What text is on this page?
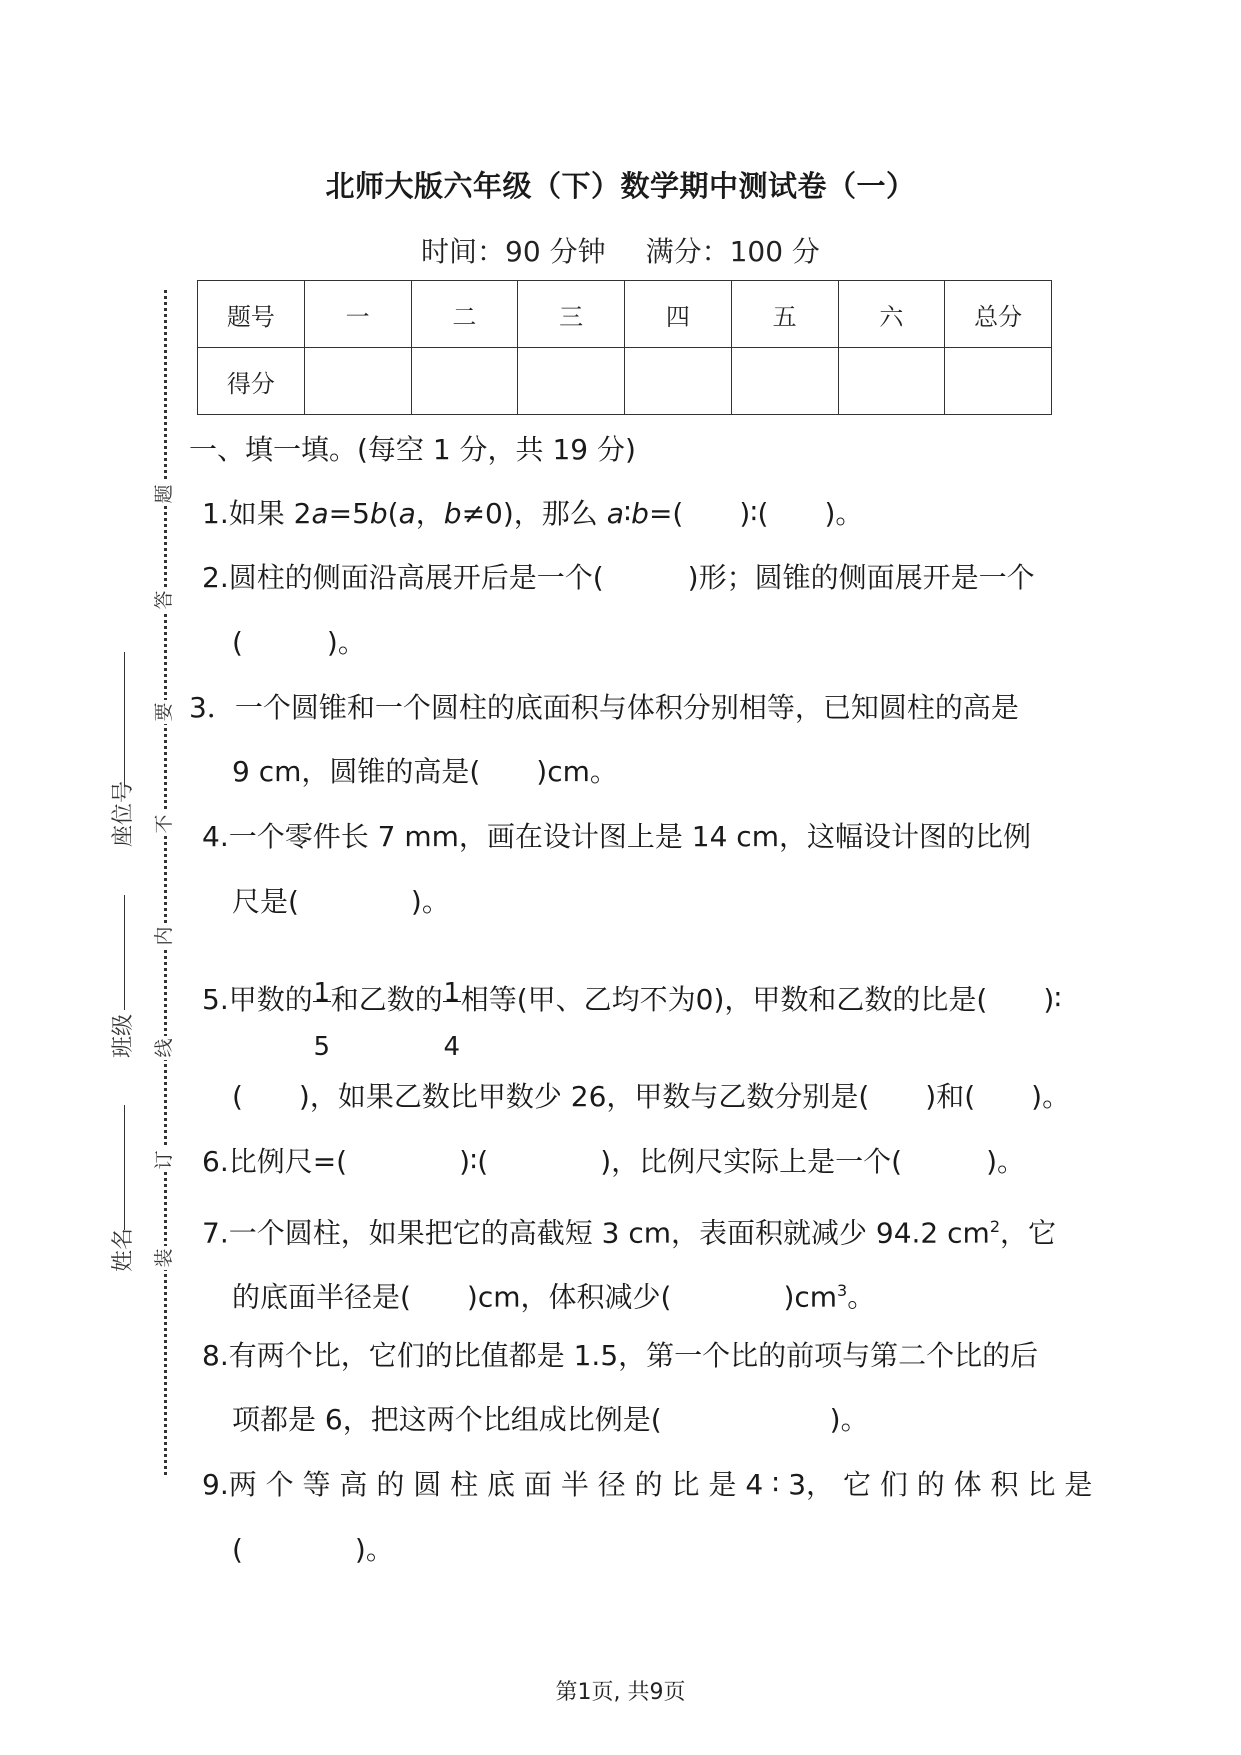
北师大版六年级（下）数学期中测试卷（一）
时间：90 分钟 满分：100 分
题号	一	二	三	四	五	六	总分
得分							
题
答
要
不
内
线
订
装
座位号
班级
姓名
一、填一填。(每空 1 分，共 19 分)
1.如果 2a=5b(a，b≠0)，那么 a∶b=(　　)∶(　　)。
2.圆柱的侧面沿高展开后是一个(　　　)形；圆锥的侧面展开是一个
(　　　)。
3．一个圆锥和一个圆柱的底面积与体积分别相等，已知圆柱的高是
9 cm，圆锥的高是(　　)cm。
4.一个零件长 7 mm，画在设计图上是 14 cm，这幅设计图的比例
尺是(　　　　)。
5.甲数的 1
5
和乙数的 1
4
相等(甲、乙均不为0)，甲数和乙数的比是(　　)∶
(　　)，如果乙数比甲数少 26，甲数与乙数分别是(　　)和(　　)。
6.比例尺=(　　　　)∶(　　　　)，比例尺实际上是一个(　　　)。
7.一个圆柱，如果把它的高截短 3 cm，表面积就减少 94.2 $cm^2$，它
的底面半径是(　　)cm，体积减少(　　　　)$cm^3$。
8.有两个比，它们的比值都是 1.5，第一个比的前项与第二个比的后
项都是 6，把这两个比组成比例是(　　　　　　)。
9.两 个 等 高 的 圆 柱 底 面 半 径 的 比 是 4 ∶ 3， 它 们 的 体 积 比 是
(　　　　)。
第1页, 共9页
